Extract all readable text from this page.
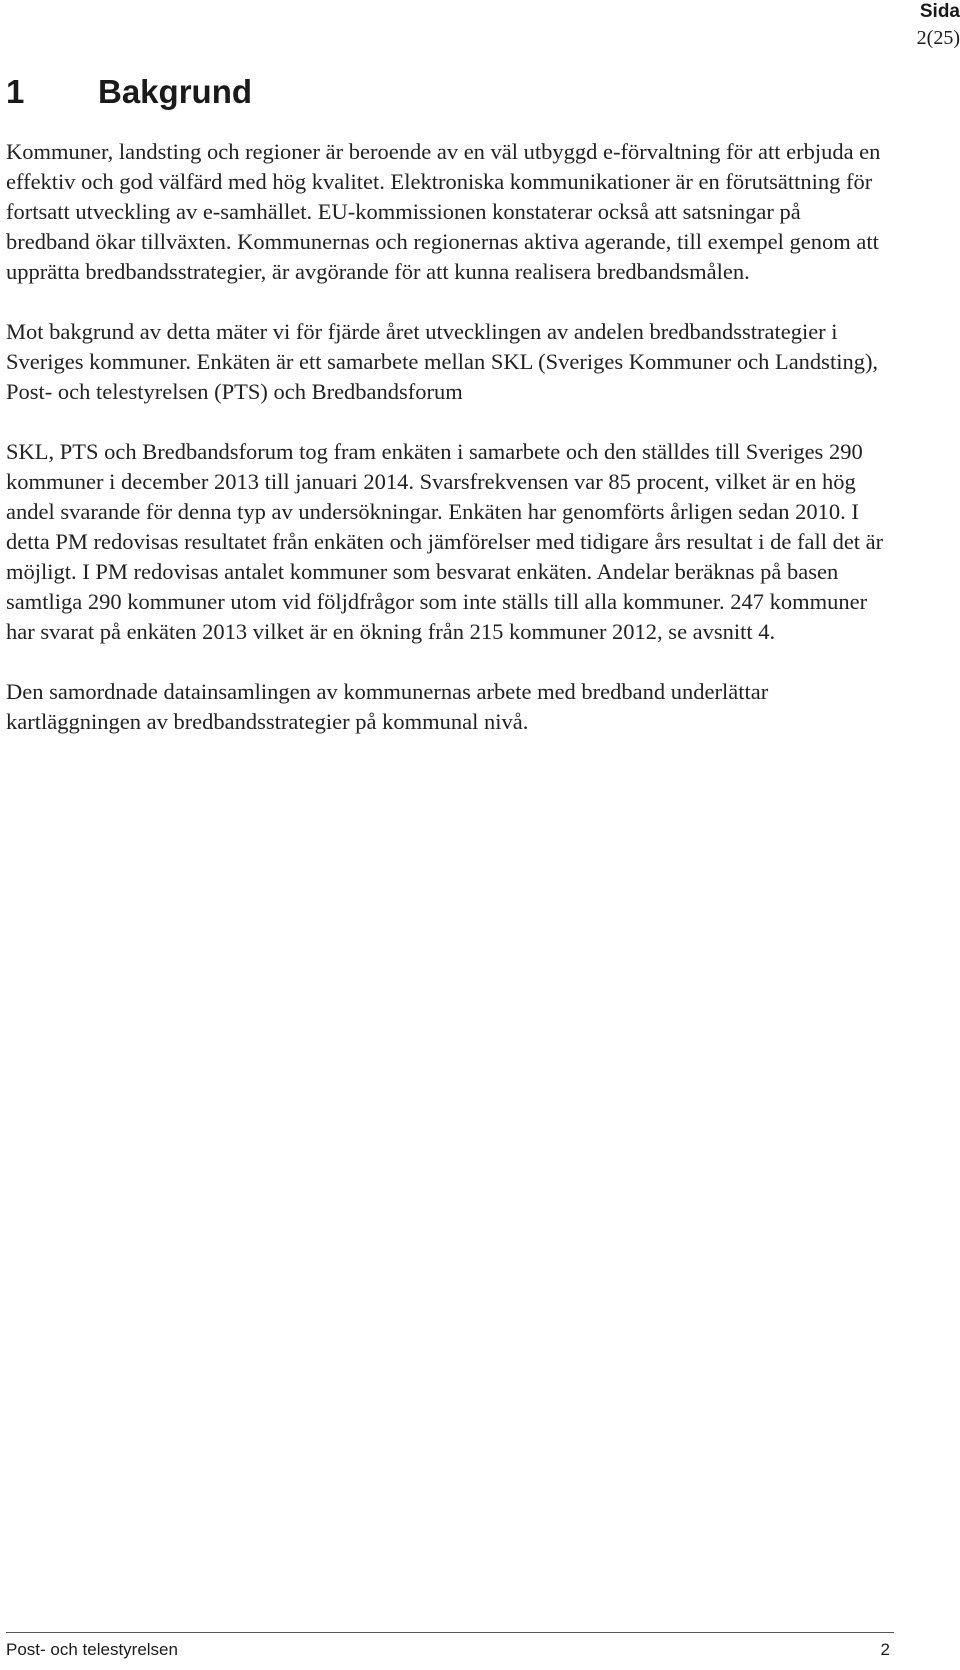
Sida
2(25)
1 Bakgrund

Kommuner, landsting och regioner är beroende av en väl utbyggd e-förvaltning för att erbjuda en effektiv och god välfärd med hög kvalitet. Elektroniska kommunikationer är en förutsättning för fortsatt utveckling av e-samhället. EU-kommissionen konstaterar också att satsningar på bredband ökar tillväxten. Kommunernas och regionernas aktiva agerande, till exempel genom att upprätta bredbandsstrategier, är avgörande för att kunna realisera bredbandsmålen.

Mot bakgrund av detta mäter vi för fjärde året utvecklingen av andelen bredbandsstrategier i Sveriges kommuner. Enkäten är ett samarbete mellan SKL (Sveriges Kommuner och Landsting), Post- och telestyrelsen (PTS) och Bredbandsforum

SKL, PTS och Bredbandsforum tog fram enkäten i samarbete och den ställdes till Sveriges 290 kommuner i december 2013 till januari 2014. Svarsfrekvensen var 85 procent, vilket är en hög andel svarande för denna typ av undersökningar. Enkäten har genomförts årligen sedan 2010. I detta PM redovisas resultatet från enkäten och jämförelser med tidigare års resultat i de fall det är möjligt. I PM redovisas antalet kommuner som besvarat enkäten. Andelar beräknas på basen samtliga 290 kommuner utom vid följdfrågor som inte ställs till alla kommuner. 247 kommuner har svarat på enkäten 2013 vilket är en ökning från 215 kommuner 2012, se avsnitt 4.

Den samordnade datainsamlingen av kommunernas arbete med bredband underlättar kartläggningen av bredbandsstrategier på kommunal nivå.

Post- och telestyrelsen	2
